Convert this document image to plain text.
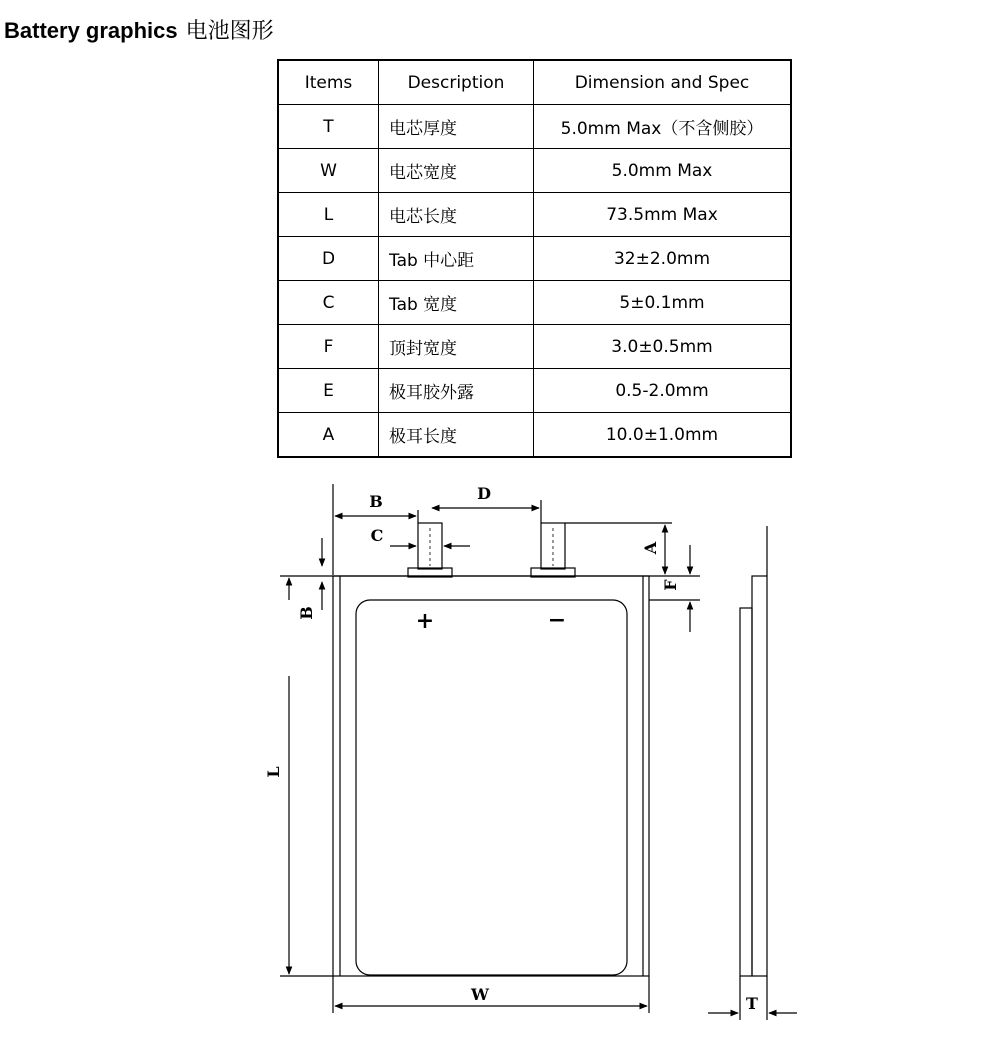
Battery graphics 电池图形
Items	Description	Dimension and Spec
T	电芯厚度	5.0mm Max（不含侧胶）
W	电芯宽度	5.0mm Max
L	电芯长度	73.5mm Max
D	Tab 中心距	32±2.0mm
C	Tab 宽度	5±0.1mm
F	顶封宽度	3.0±0.5mm
E	极耳胶外露	0.5-2.0mm
A	极耳长度	10.0±1.0mm
B	D
C
A
F
B
L
W	T
+	−
